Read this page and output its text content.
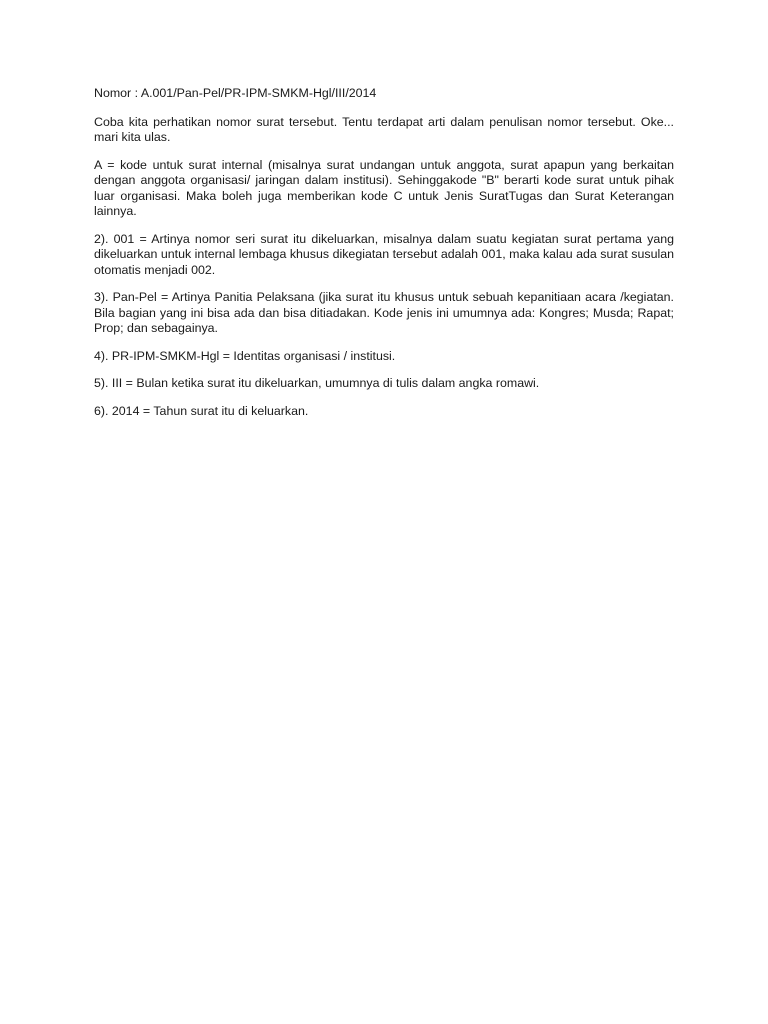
Nomor : A.001/Pan-Pel/PR-IPM-SMKM-Hgl/III/2014

Coba kita perhatikan nomor surat tersebut. Tentu terdapat arti dalam penulisan nomor tersebut. Oke... mari kita ulas.

A = kode untuk surat internal (misalnya surat undangan untuk anggota, surat apapun yang berkaitan dengan anggota organisasi/ jaringan dalam institusi). Sehinggakode "B" berarti kode surat untuk pihak luar organisasi. Maka boleh juga memberikan kode C untuk Jenis SuratTugas dan Surat Keterangan lainnya.

2). 001 = Artinya nomor seri surat itu dikeluarkan, misalnya dalam suatu kegiatan surat pertama yang dikeluarkan untuk internal lembaga khusus dikegiatan tersebut adalah 001, maka kalau ada surat susulan otomatis menjadi 002.

3). Pan-Pel = Artinya Panitia Pelaksana (jika surat itu khusus untuk sebuah kepanitiaan acara /kegiatan. Bila bagian yang ini bisa ada dan bisa ditiadakan. Kode jenis ini umumnya ada: Kongres; Musda; Rapat; Prop; dan sebagainya.

4). PR-IPM-SMKM-Hgl = Identitas organisasi / institusi.

5). III = Bulan ketika surat itu dikeluarkan, umumnya di tulis dalam angka romawi.

6). 2014 = Tahun surat itu di keluarkan.
